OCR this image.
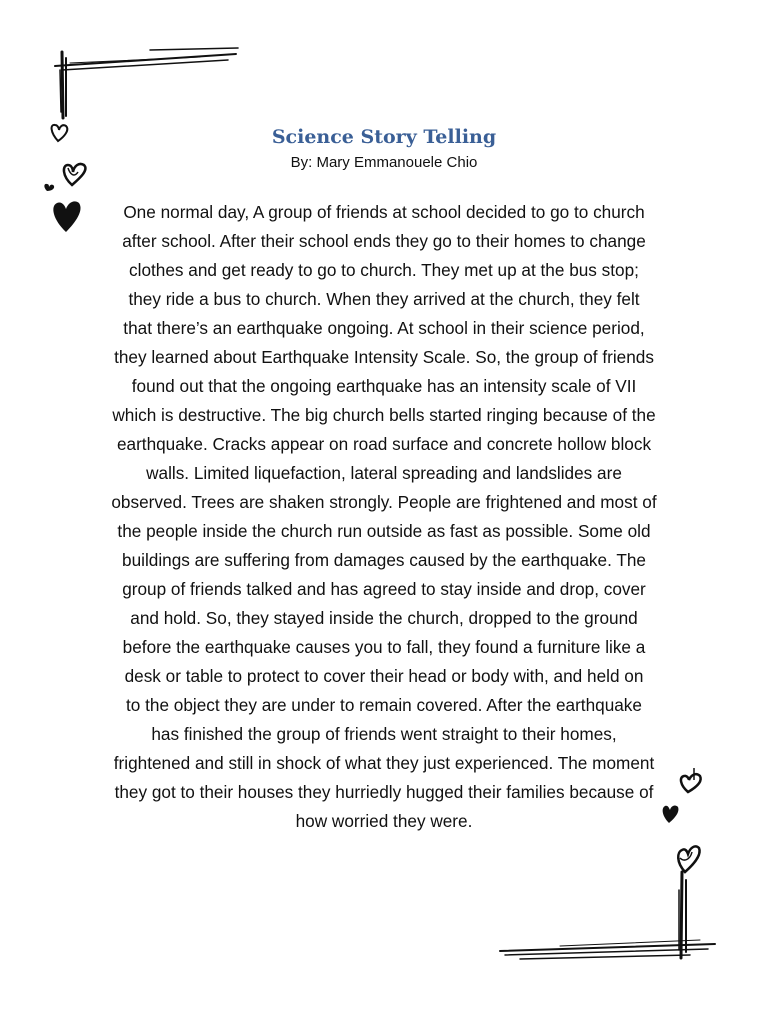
Science Story Telling
By: Mary Emmanouele Chio
One normal day, A group of friends at school decided to go to church
after school. After their school ends they go to their homes to change
clothes and get ready to go to church. They met up at the bus stop;
they ride a bus to church. When they arrived at the church, they felt
that there’s an earthquake ongoing. At school in their science period,
they learned about Earthquake Intensity Scale. So, the group of friends
found out that the ongoing earthquake has an intensity scale of VII
which is destructive. The big church bells started ringing because of the
earthquake. Cracks appear on road surface and concrete hollow block
walls. Limited liquefaction, lateral spreading and landslides are
observed. Trees are shaken strongly. People are frightened and most of
the people inside the church run outside as fast as possible. Some old
buildings are suffering from damages caused by the earthquake. The
group of friends talked and has agreed to stay inside and drop, cover
and hold. So, they stayed inside the church, dropped to the ground
before the earthquake causes you to fall, they found a furniture like a
desk or table to protect to cover their head or body with, and held on
to the object they are under to remain covered. After the earthquake
has finished the group of friends went straight to their homes,
frightened and still in shock of what they just experienced. The moment
they got to their houses they hurriedly hugged their families because of
how worried they were.
